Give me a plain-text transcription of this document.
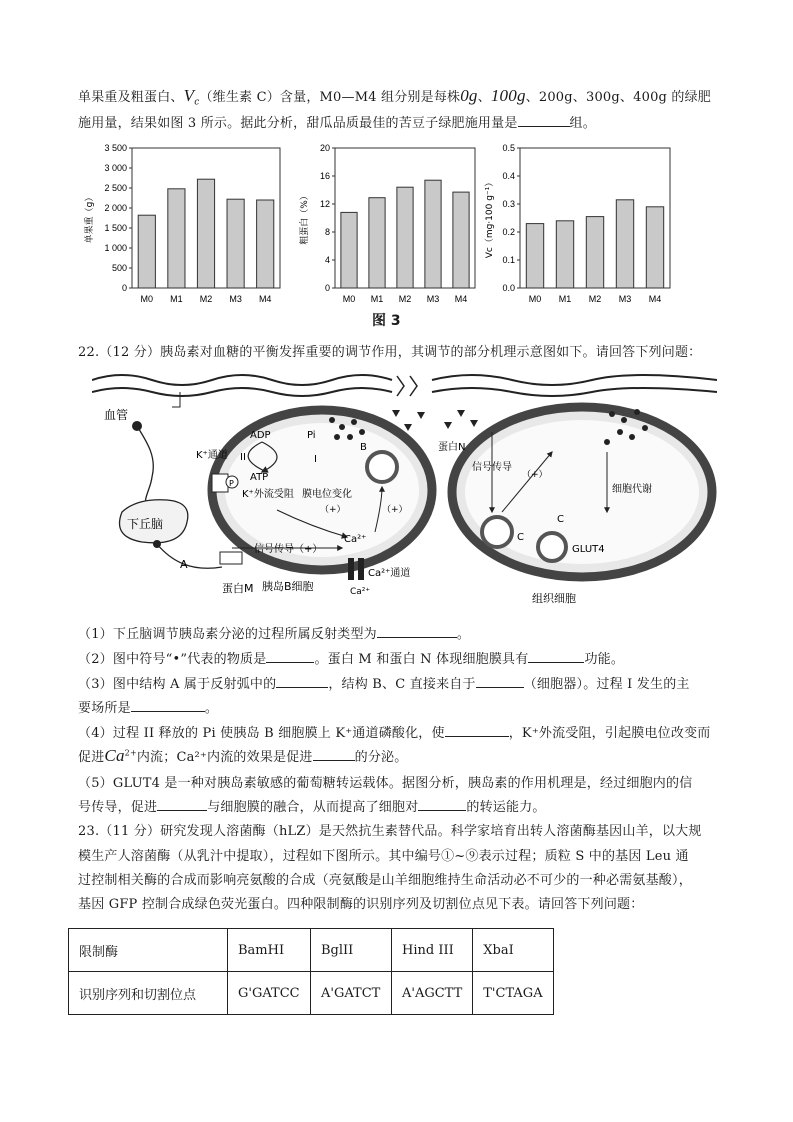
单果重及粗蛋白、$V_c$（维生素 C）含量，M0—M4 组分别是每株0g、100g、200g、300g、400g 的绿肥
施用量，结果如图 3 所示。据此分析，甜瓜品质最佳的苦豆子绿肥施用量是	组。
0
500
1 000
1 500
2 000
2 500
3 000
3 500
单果重（g）
M0 M1 M2 M3 M4
0
4
8
12
16
20
粗蛋白（%）
M0 M1 M2 M3 M4
0.0
0.1
0.2
0.3
0.4
0.5
Vc（mg·100 g⁻¹）
M0 M1 M2 M3 M4
图 3
22.（12 分）胰岛素对血糖的平衡发挥重要的调节作用，其调节的部分机理示意图如下。请回答下列问题：
血管
下丘脑
A
蛋白M 胰岛B细胞
ADP	Pi
ATP
I
II
K⁺通道
P
K⁺外流受阻 膜电位变化
（+）
Ca²⁺
信号传导（+）
Ca²⁺
Ca²⁺通道
B
（+）
组织细胞
蛋白N
信号传导
（+）
C
C
GLUT4
细胞代谢
（1）下丘脑调节胰岛素分泌的过程所属反射类型为	。
（2）图中符号“•”代表的物质是	。蛋白 M 和蛋白 N 体现细胞膜具有	功能。
（3）图中结构 A 属于反射弧中的	，结构 B、C 直接来自于	（细胞器）。过程 I 发生的主
要场所是	。
（4）过程 II 释放的 Pi 使胰岛 B 细胞膜上 K⁺通道磷酸化，使	，K⁺外流受阻，引起膜电位改变而
促进$Ca^{2+}$内流；Ca²⁺内流的效果是促进	的分泌。
（5）GLUT4 是一种对胰岛素敏感的葡萄糖转运载体。据图分析，胰岛素的作用机理是，经过细胞内的信
号传导，促进	与细胞膜的融合，从而提高了细胞对	的转运能力。
23.（11 分）研究发现人溶菌酶（hLZ）是天然抗生素替代品。科学家培育出转人溶菌酶基因山羊，以大规
模生产人溶菌酶（从乳汁中提取），过程如下图所示。其中编号①~⑨表示过程；质粒 S 中的基因 Leu 通
过控制相关酶的合成而影响亮氨酸的合成（亮氨酸是山羊细胞维持生命活动必不可少的一种必需氨基酸），
基因 GFP 控制合成绿色荧光蛋白。四种限制酶的识别序列及切割位点见下表。请回答下列问题：
限制酶	BamHI	BglII	Hind III	XbaI
识别序列和切割位点	G'GATCC	A'GATCT	A'AGCTT	T'CTAGA
